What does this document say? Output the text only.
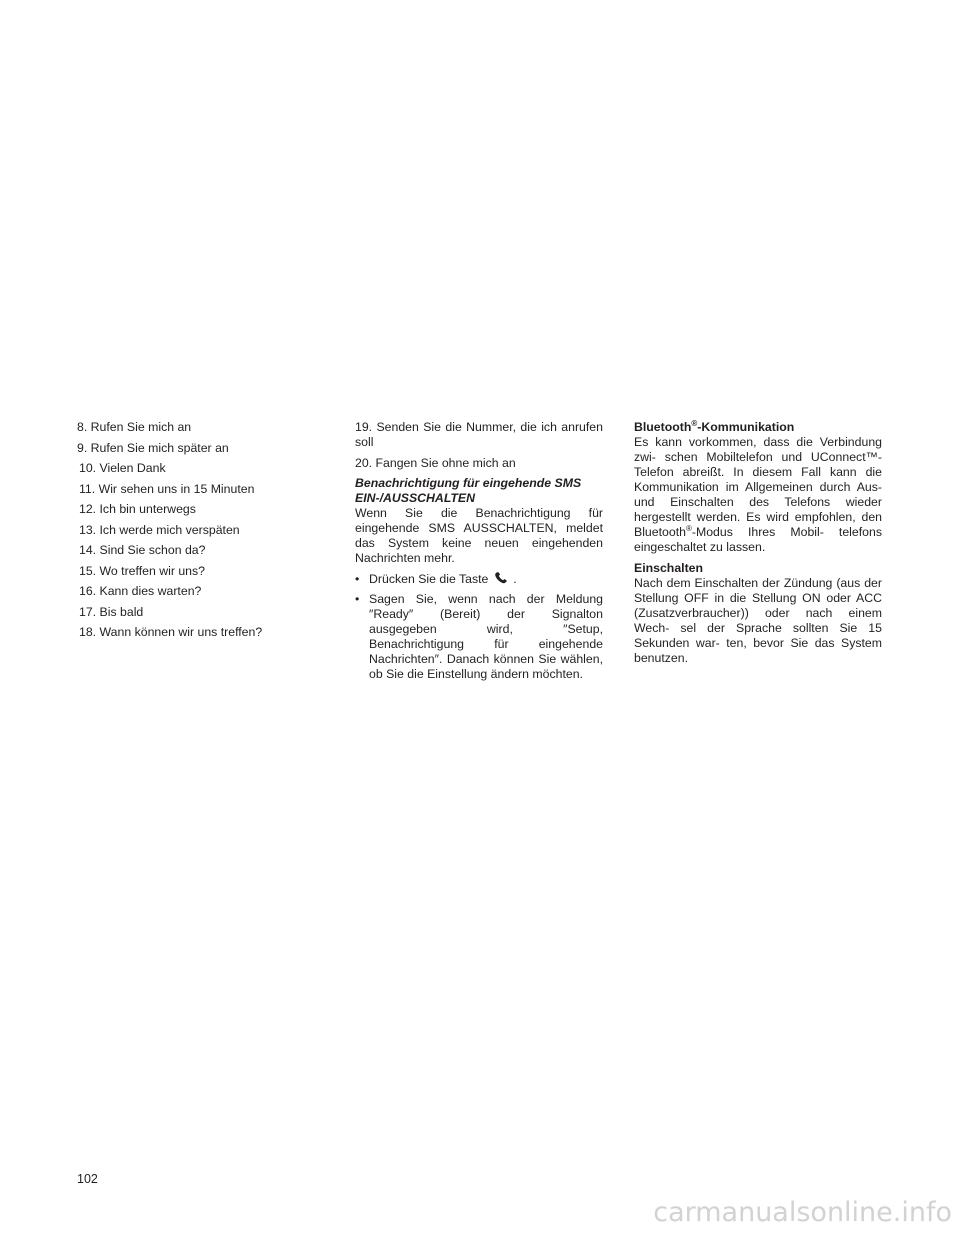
8. Rufen Sie mich an
9. Rufen Sie mich später an
10. Vielen Dank
11. Wir sehen uns in 15 Minuten
12. Ich bin unterwegs
13. Ich werde mich verspäten
14. Sind Sie schon da?
15. Wo treffen wir uns?
16. Kann dies warten?
17. Bis bald
18. Wann können wir uns treffen?
19. Senden Sie die Nummer, die ich anrufen soll
20. Fangen Sie ohne mich an
Benachrichtigung für eingehende SMS
EIN-/AUSSCHALTEN
Wenn Sie die Benachrichtigung für eingehende SMS AUSSCHALTEN, meldet das System keine neuen eingehenden Nachrichten mehr.
• Drücken Sie die Taste .
• Sagen Sie, wenn nach der Meldung ″Ready″ (Bereit) der Signalton ausgegeben wird, ″Setup, Benachrichtigung für eingehende Nachrichten″. Danach können Sie wählen, ob Sie die Einstellung ändern möchten.
Bluetooth®-Kommunikation
Es kann vorkommen, dass die Verbindung zwi- schen Mobiltelefon und UConnect™-Telefon abreißt. In diesem Fall kann die Kommunikation im Allgemeinen durch Aus- und Einschalten des Telefons wieder hergestellt werden. Es wird empfohlen, den Bluetooth®-Modus Ihres Mobil- telefons eingeschaltet zu lassen.
Einschalten
Nach dem Einschalten der Zündung (aus der Stellung OFF in die Stellung ON oder ACC (Zusatzverbraucher)) oder nach einem Wech- sel der Sprache sollten Sie 15 Sekunden war- ten, bevor Sie das System benutzen.
102
carmanualsonline.info
